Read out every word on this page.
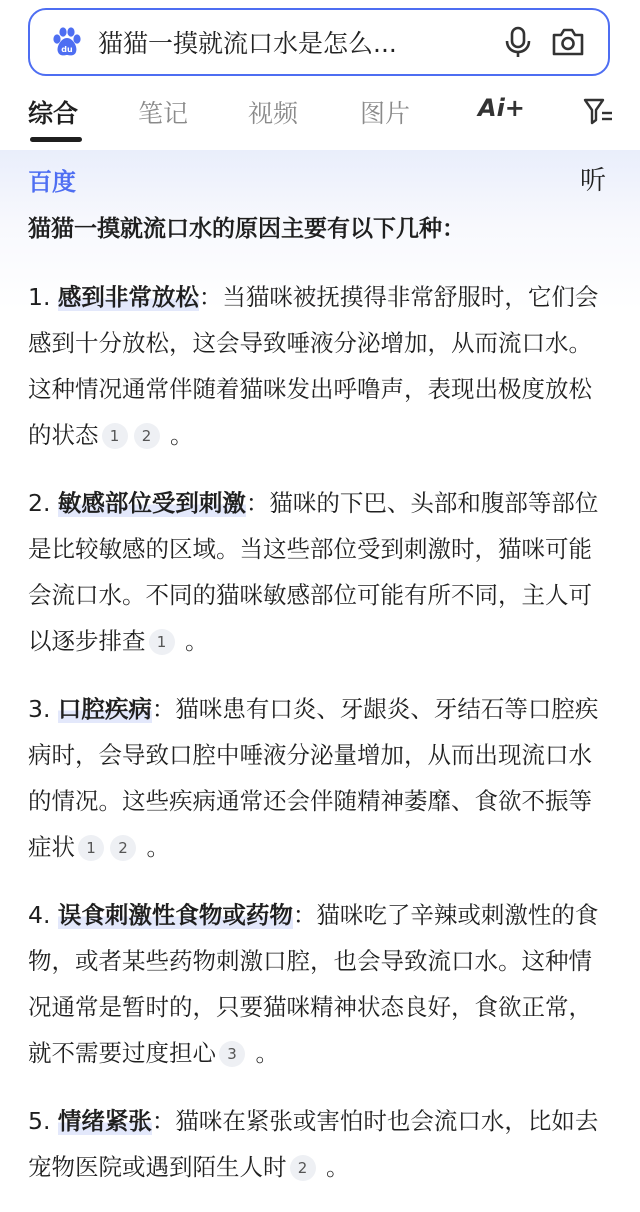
du 猫猫一摸就流口水是怎么...
综合 笔记 视频 图片	Ai+
百度	听
猫猫一摸就流口水的原因主要有以下几种：
1. 感到非常放松：当猫咪被抚摸得非常舒服时，它们会感到十分放松，这会导致唾液分泌增加，从而流口水。这种情况通常伴随着猫咪发出呼噜声，表现出极度放松的状态 1 2 。
2. 敏感部位受到刺激：猫咪的下巴、头部和腹部等部位是比较敏感的区域。当这些部位受到刺激时，猫咪可能会流口水。不同的猫咪敏感部位可能有所不同，主人可以逐步排查 1 。
3. 口腔疾病：猫咪患有口炎、牙龈炎、牙结石等口腔疾病时，会导致口腔中唾液分泌量增加，从而出现流口水的情况。这些疾病通常还会伴随精神萎靡、食欲不振等症状 1 2 。
4. 误食刺激性食物或药物：猫咪吃了辛辣或刺激性的食物，或者某些药物刺激口腔，也会导致流口水。这种情况通常是暂时的，只要猫咪精神状态良好，食欲正常，就不需要过度担心 3 。
5. 情绪紧张：猫咪在紧张或害怕时也会流口水，比如去宠物医院或遇到陌生人时 2 。
